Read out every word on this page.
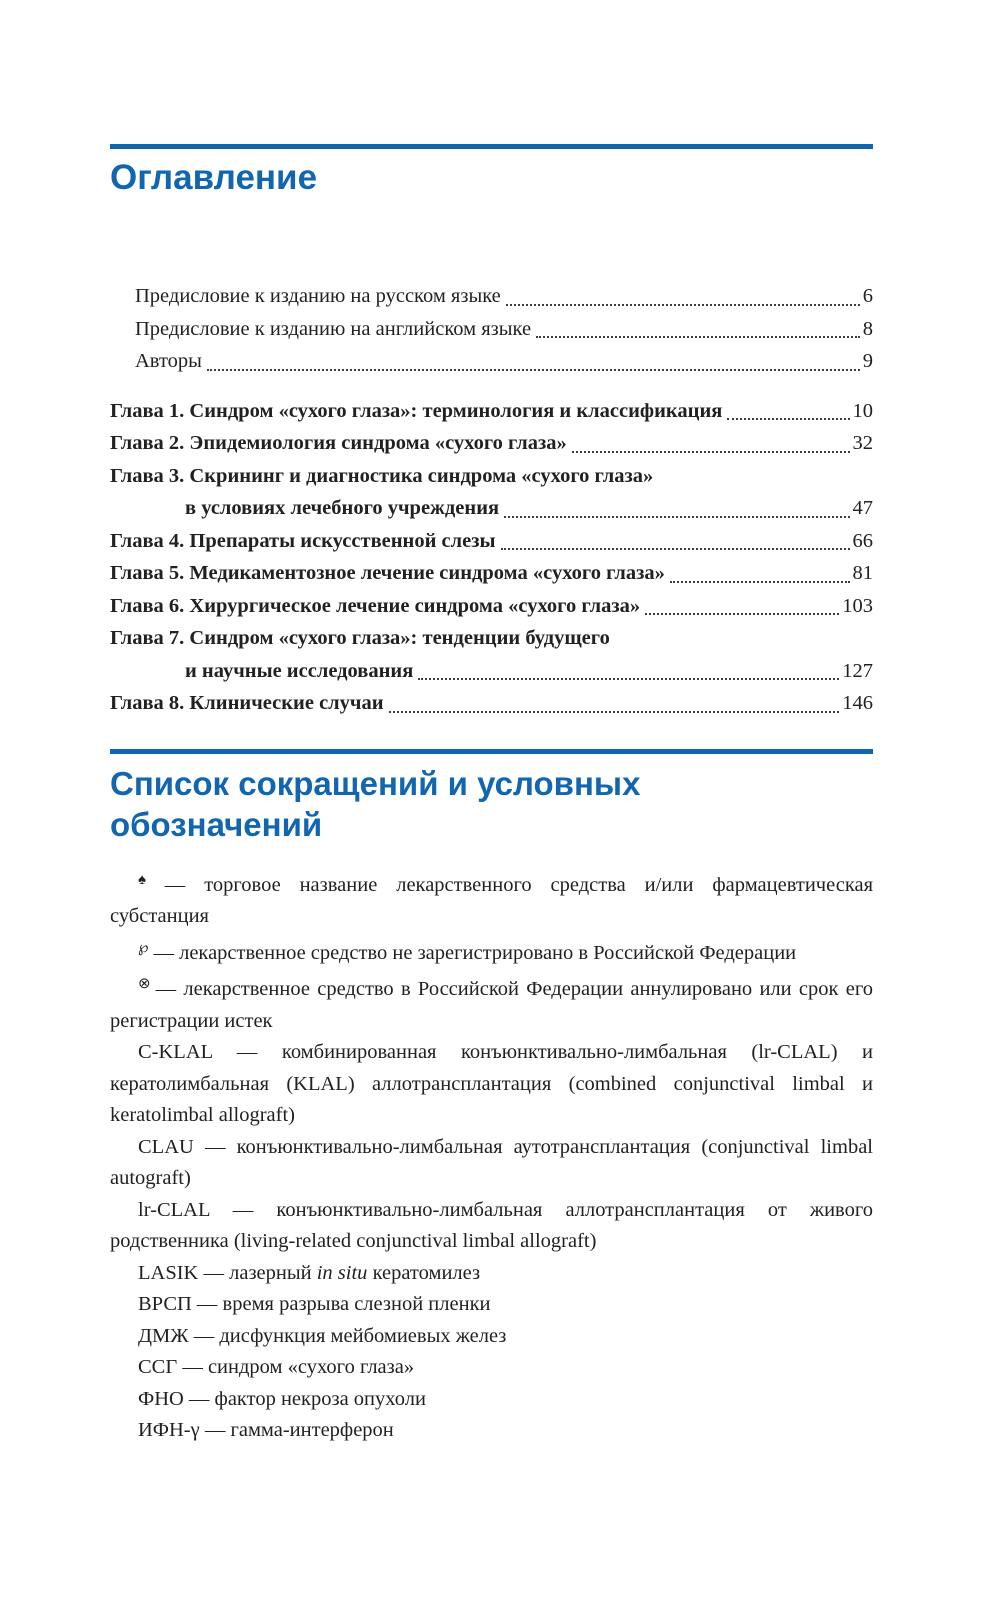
Оглавление
Предисловие к изданию на русском языке	6
Предисловие к изданию на английском языке	8
Авторы	9
Глава 1. Синдром «сухого глаза»: терминология и классификация	10
Глава 2. Эпидемиология синдрома «сухого глаза»	32
Глава 3. Скрининг и диагностика синдрома «сухого глаза»
в условиях лечебного учреждения	47
Глава 4. Препараты искусственной слезы	66
Глава 5. Медикаментозное лечение синдрома «сухого глаза»	81
Глава 6. Хирургическое лечение синдрома «сухого глаза»	103
Глава 7. Синдром «сухого глаза»: тенденции будущего
и научные исследования	127
Глава 8. Клинические случаи	146
Список сокращений и условных
обозначений

♠ — торговое название лекарственного средства и/или фармацевтическая субстанция

℘ — лекарственное средство не зарегистрировано в Российской Федерации

⊗ — лекарственное средство в Российской Федерации аннулировано или срок его регистрации истек

C-KLAL — комбинированная конъюнктивально-лимбальная (lr-CLAL) и кератолимбальная (KLAL) аллотрансплантация (combined conjunctival limbal и keratolimbal allograft)

CLAU — конъюнктивально-лимбальная аутотрансплантация (conjunctival limbal autograft)

lr-CLAL — конъюнктивально-лимбальная аллотрансплантация от живого родственника (living-related conjunctival limbal allograft)

LASIK — лазерный in situ кератомилез

ВРСП — время разрыва слезной пленки

ДМЖ — дисфункция мейбомиевых желез

ССГ — синдром «сухого глаза»

ФНО — фактор некроза опухоли

ИФН-γ — гамма-интерферон
